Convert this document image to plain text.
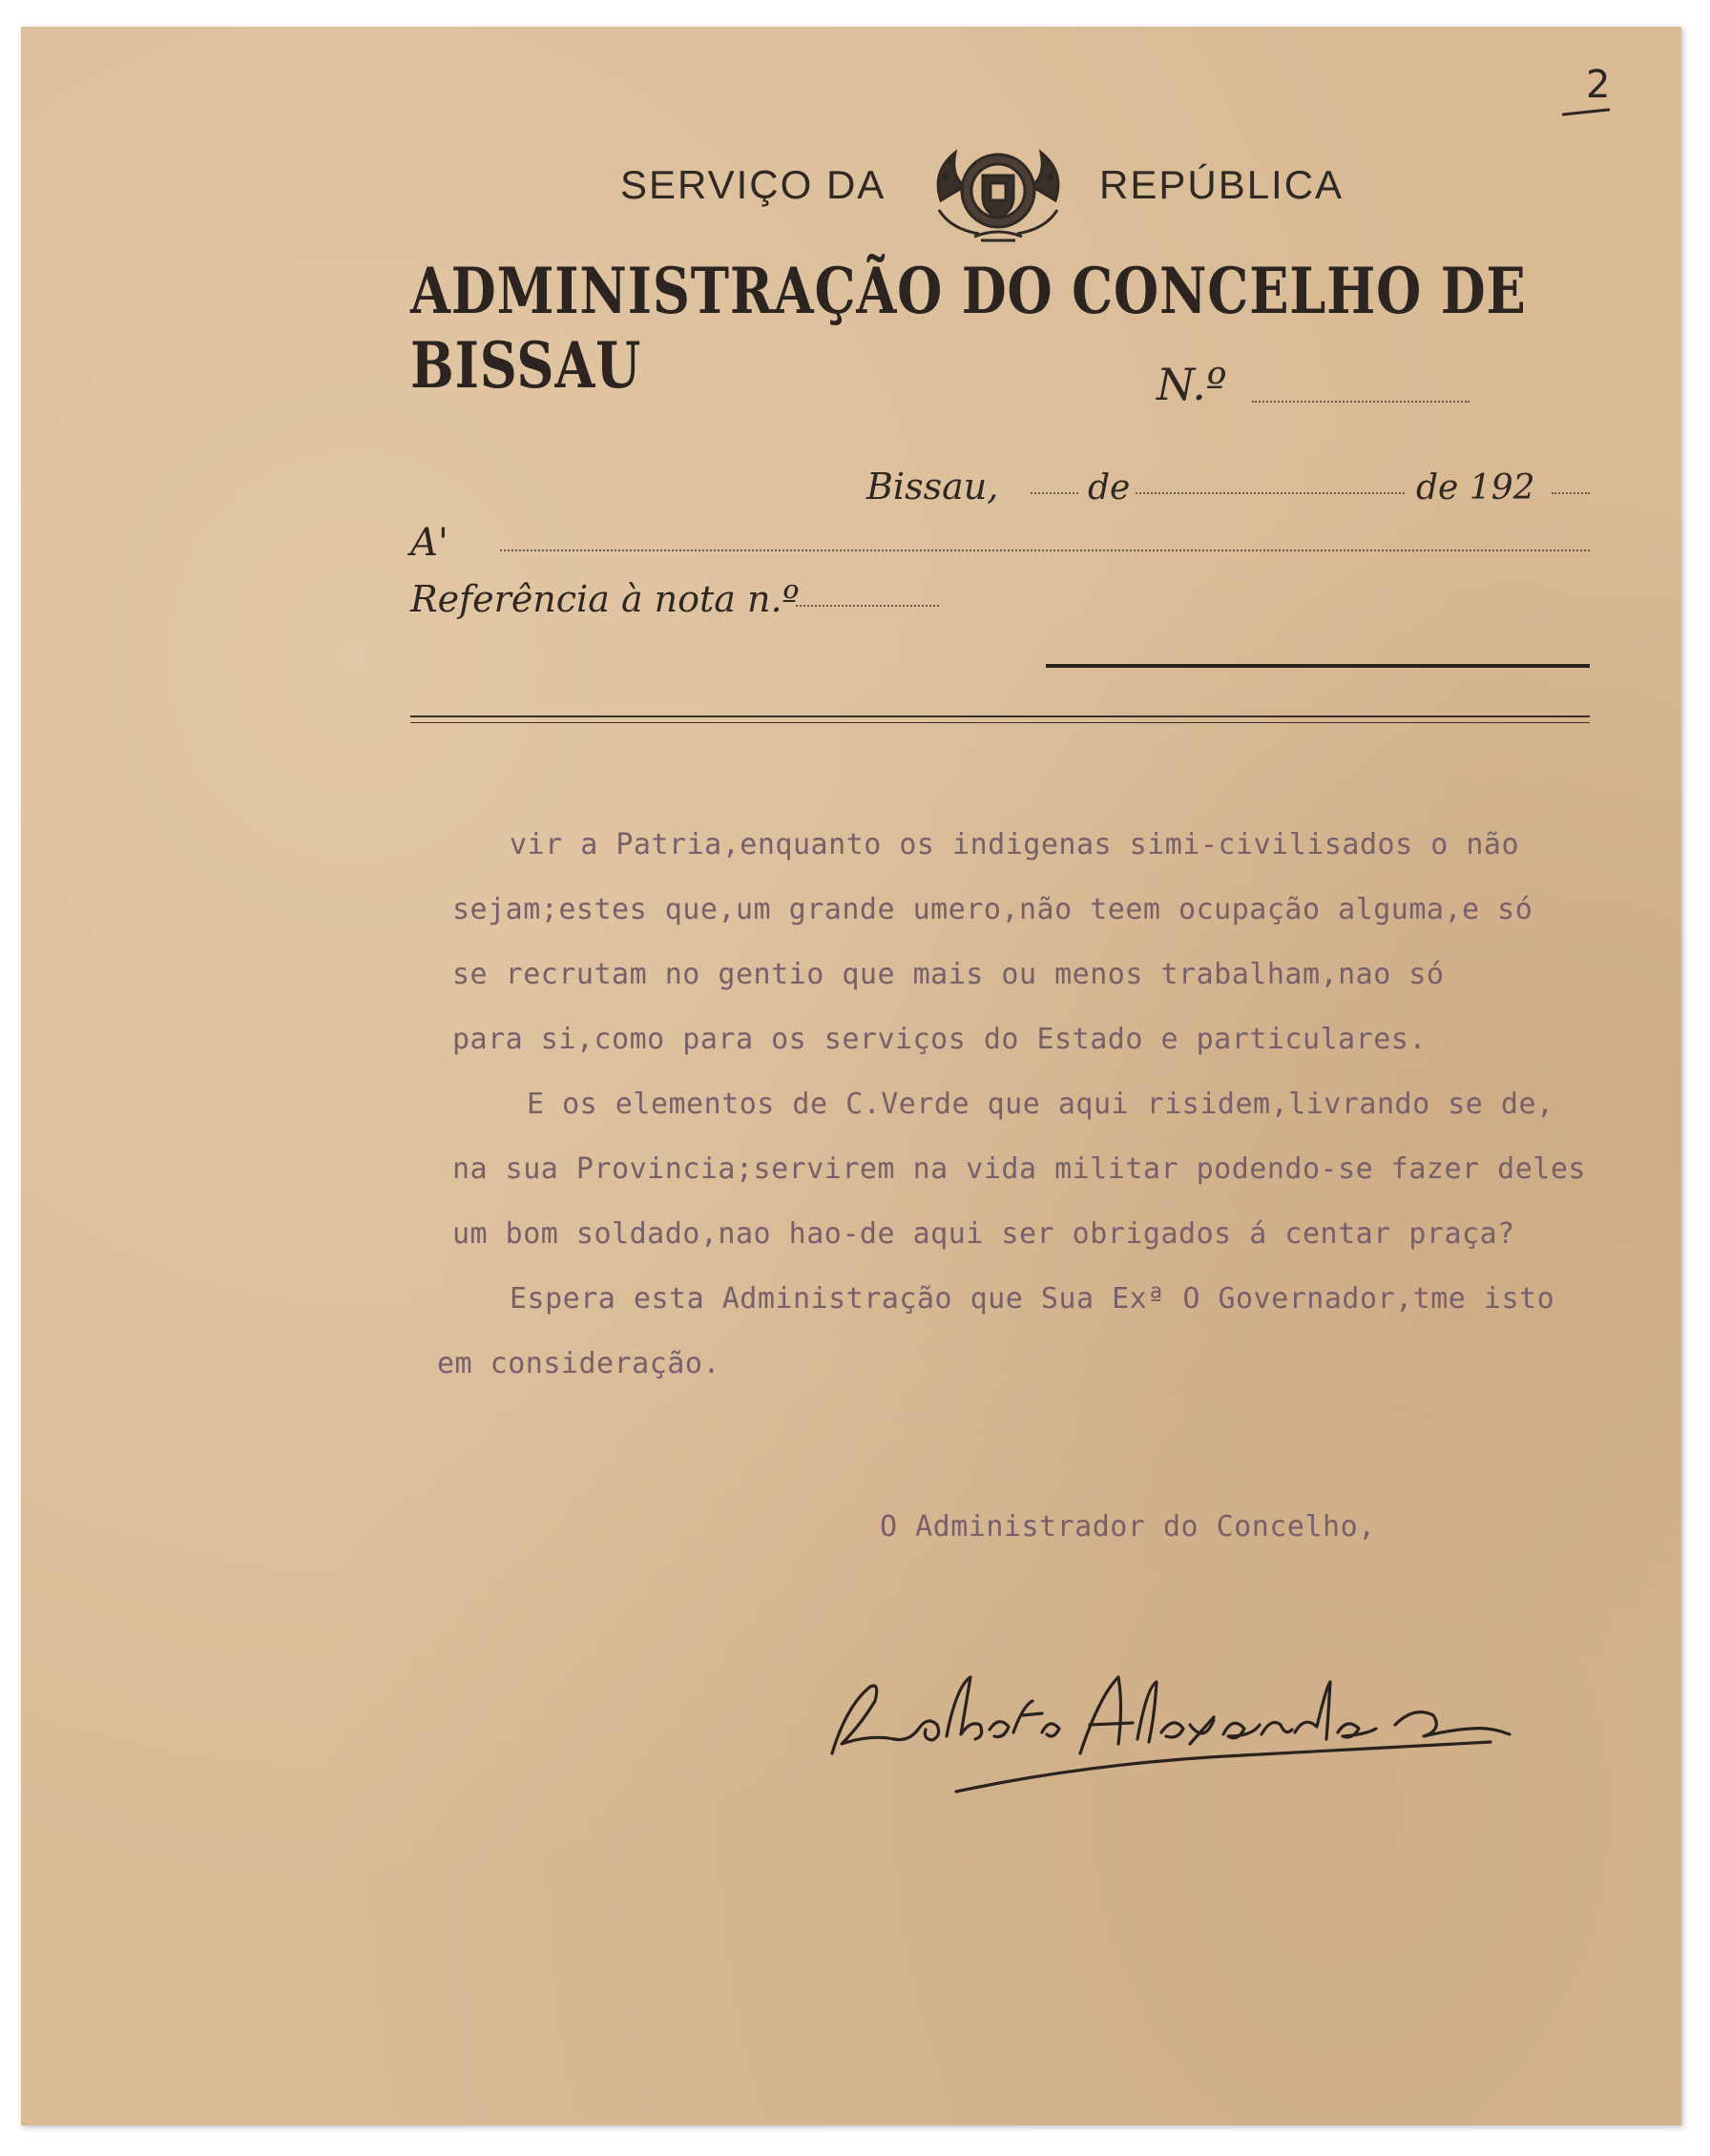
2
SERVIÇO DA	REPÚBLICA
ADMINISTRAÇÃO DO CONCELHO DE BISSAU	N.º
Bissau,	de	de 192
A'
Referência à nota n.º
vir a Patria,enquanto os indigenas simi-civilisados o não
sejam;estes que,um grande umero,não teem ocupação alguma,e só
se recrutam no gentio que mais ou menos trabalham,nao só
para si,como para os serviços do Estado e particulares.
E os elementos de C.Verde que aqui risidem,livrando se de,
na sua Provincia;servirem na vida militar podendo-se fazer deles
um bom soldado,nao hao-de aqui ser obrigados á centar praça?
Espera esta Administração que Sua Exª O Governador,tme isto
em consideração.
O Administrador do Concelho,
